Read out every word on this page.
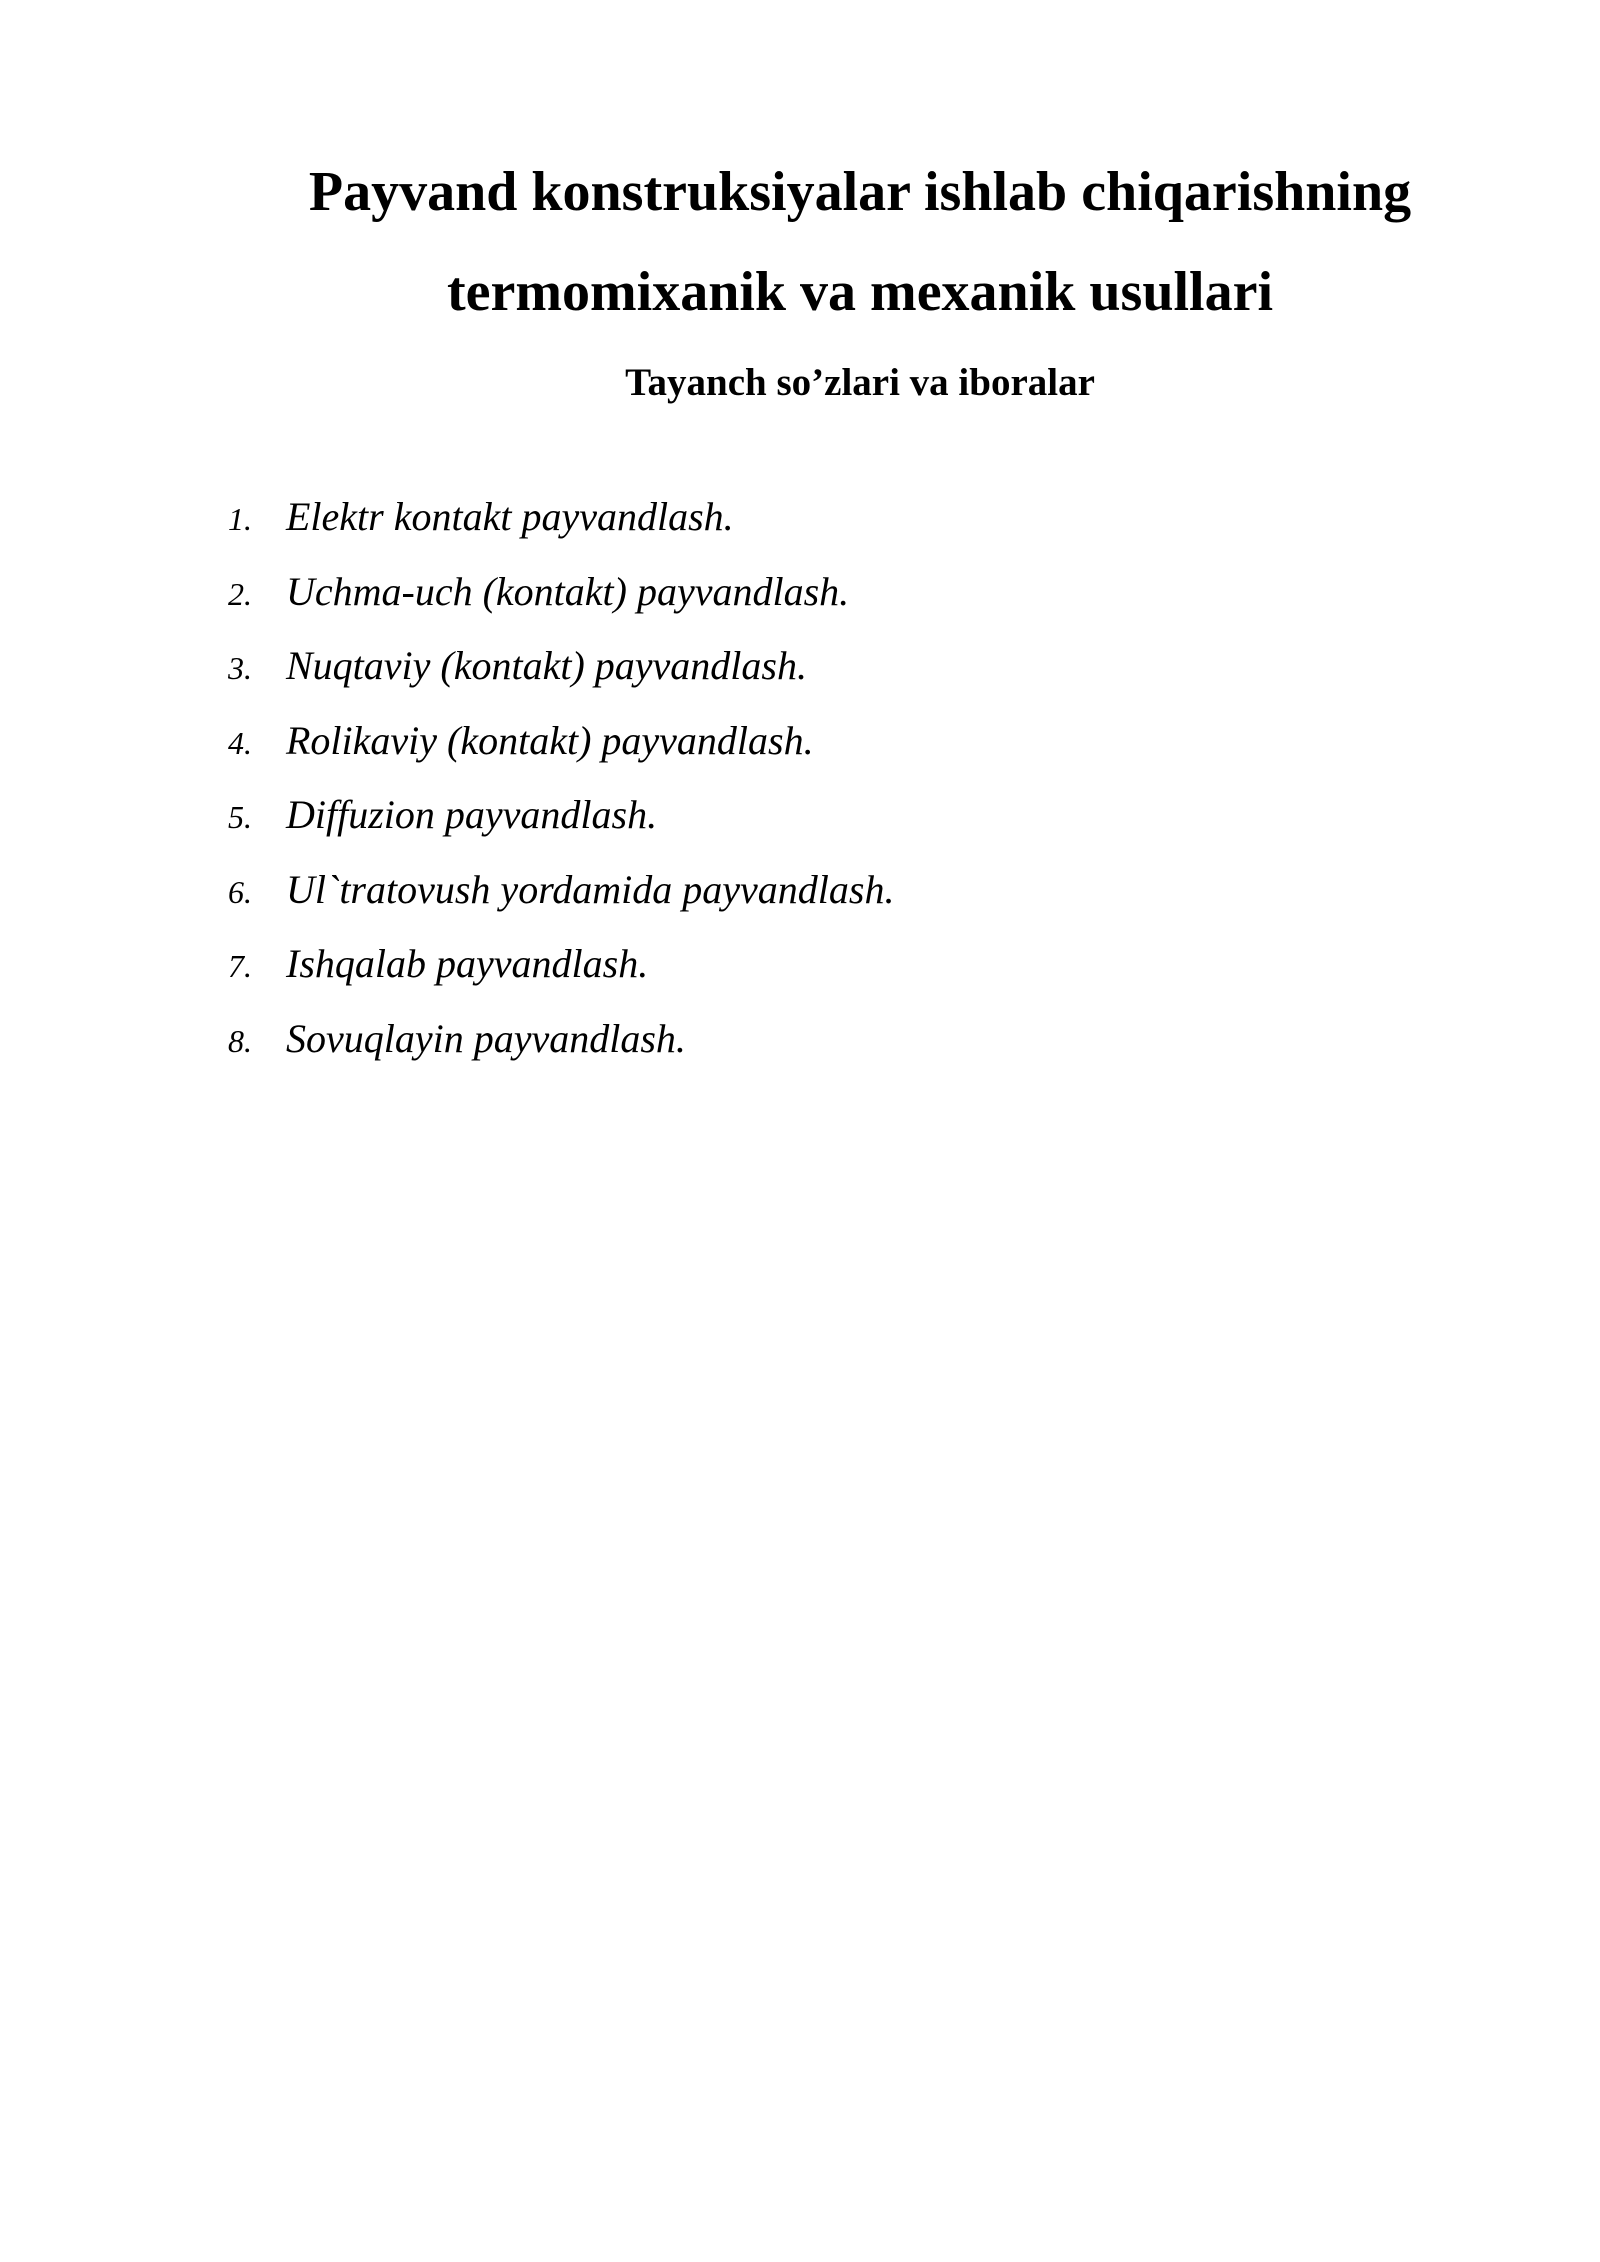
Payvand konstruksiyalar ishlab chiqarishning termomixanik va mexanik usullari
Tayanch so’zlari va iboralar
1. Elektr kontakt payvandlash.
2. Uchma-uch (kontakt) payvandlash.
3. Nuqtaviy (kontakt) payvandlash.
4. Rolikaviy (kontakt) payvandlash.
5. Diffuzion payvandlash.
6. Ul`tratovush yordamida payvandlash.
7. Ishqalab payvandlash.
8. Sovuqlayin payvandlash.
